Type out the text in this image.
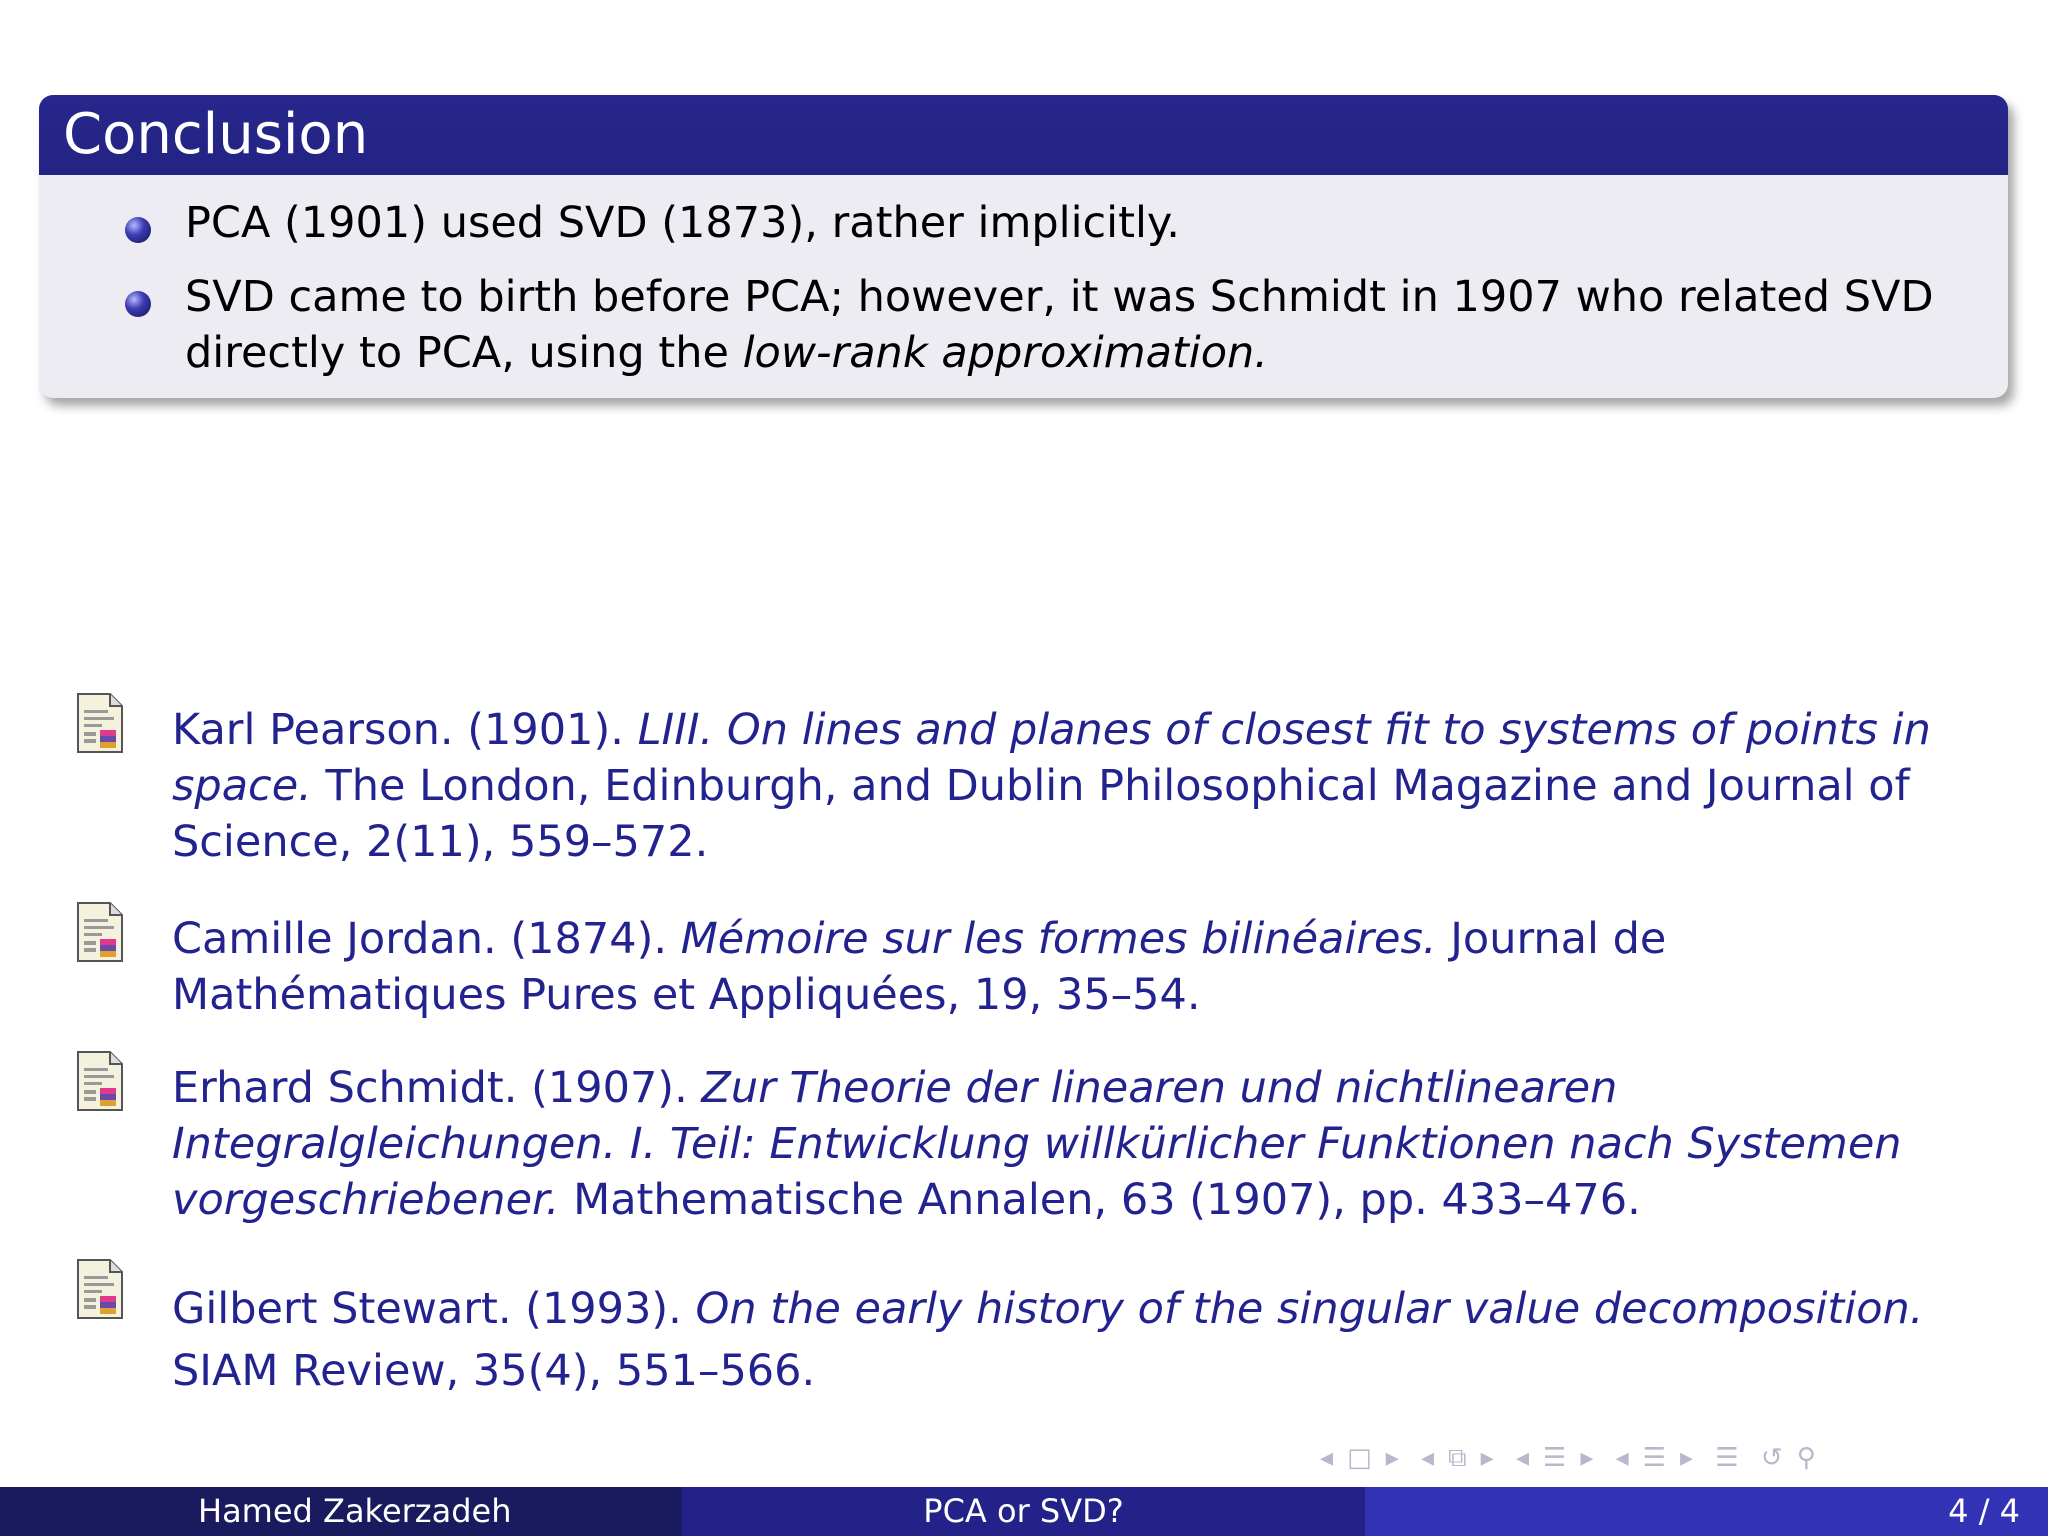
Conclusion
PCA (1901) used SVD (1873), rather implicitly.
SVD came to birth before PCA; however, it was Schmidt in 1907 who related SVD directly to PCA, using the low-rank approximation.
Karl Pearson. (1901). LIII. On lines and planes of closest fit to systems of points in space. The London, Edinburgh, and Dublin Philosophical Magazine and Journal of Science, 2(11), 559–572.
Camille Jordan. (1874). Mémoire sur les formes bilinéaires. Journal de Mathématiques Pures et Appliquées, 19, 35–54.
Erhard Schmidt. (1907). Zur Theorie der linearen und nichtlinearen Integralgleichungen. I. Teil: Entwicklung willkürlicher Funktionen nach Systemen vorgeschriebener. Mathematische Annalen, 63 (1907), pp. 433–476.
Gilbert Stewart. (1993). On the early history of the singular value decomposition. SIAM Review, 35(4), 551–566.
◂ □ ▸ ◂ ⧉ ▸ ◂ ☰ ▸ ◂ ☰ ▸ ☰ ↺ ⚲
Hamed Zakerzadeh	PCA or SVD?	4 / 4
